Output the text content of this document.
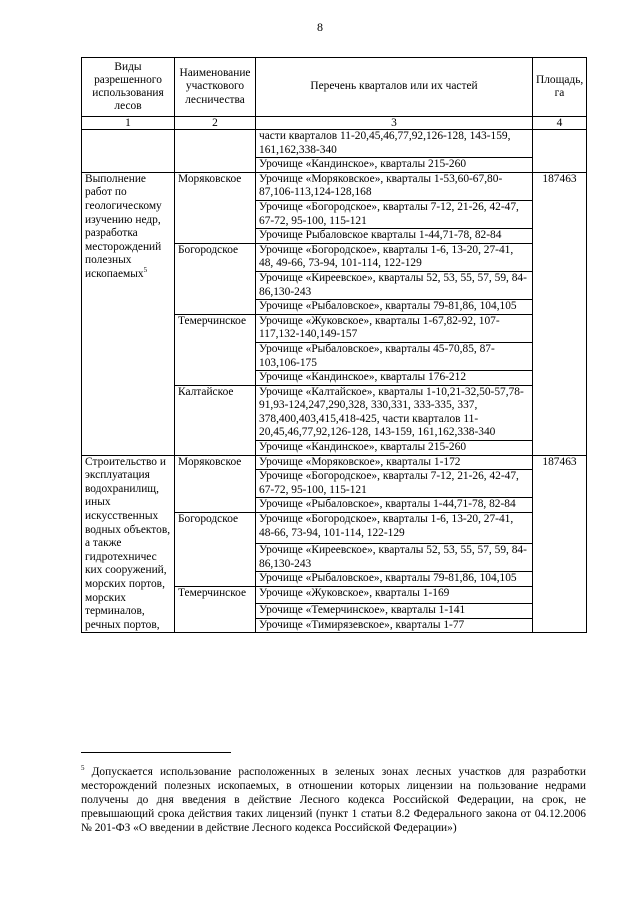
8
Виды разрешенного использования лесов	Наименование участкового лесничества	Перечень кварталов или их частей	Площадь, га
1	2	3	4
		части кварталов 11-20,45,46,77,92,126-128, 143-159, 161,162,338-340	
		Урочище «Кандинское», кварталы 215-260	
Выполнение работ по геологическому изучению недр, разработка месторождений полезных ископаемых$^5$	Моряковское	Урочище «Моряковское», кварталы 1-53,60-67,80-87,106-113,124-128,168	187463
		Урочище «Богородское», кварталы 7-12, 21-26, 42-47, 67-72, 95-100, 115-121	
		Урочище Рыбаловское кварталы 1-44,71-78, 82-84	
	Богородское	Урочище «Богородское», кварталы 1-6, 13-20, 27-41, 48, 49-66, 73-94, 101-114, 122-129	
		Урочище «Киреевское», кварталы 52, 53, 55, 57, 59, 84-86,130-243	
		Урочище «Рыбаловское», кварталы 79-81,86, 104,105	
	Темерчинское	Урочище «Жуковское», кварталы 1-67,82-92, 107-117,132-140,149-157	
		Урочище «Рыбаловское», кварталы 45-70,85, 87-103,106-175	
		Урочище «Кандинское», кварталы 176-212	
	Калтайское	Урочище «Калтайское», кварталы 1-10,21-32,50-57,78-91,93-124,247,290,328, 330,331, 333-335, 337, 378,400,403,415,418-425, части кварталов 11-20,45,46,77,92,126-128, 143-159, 161,162,338-340	
		Урочище «Кандинское», кварталы 215-260	
Строительство и эксплуатация водохранилищ, иных искусственных водных объектов, а также гидротехничес ких сооружений, морских портов, морских терминалов, речных портов,	Моряковское	Урочище «Моряковское», кварталы 1-172	187463
		Урочище «Богородское», кварталы 7-12, 21-26, 42-47, 67-72, 95-100, 115-121	
		Урочище «Рыбаловское», кварталы 1-44,71-78, 82-84	
	Богородское	Урочище «Богородское», кварталы 1-6, 13-20, 27-41, 48-66, 73-94, 101-114, 122-129	
		Урочище «Киреевское», кварталы 52, 53, 55, 57, 59, 84-86,130-243	
		Урочище «Рыбаловское», кварталы 79-81,86, 104,105	
	Темерчинское	Урочище «Жуковское», кварталы 1-169	
		Урочище «Темерчинское», кварталы 1-141	
		Урочище «Тимирязевское», кварталы 1-77	
$^5$ Допускается использование расположенных в зеленых зонах лесных участков для разработки месторождений полезных ископаемых, в отношении которых лицензии на пользование недрами получены до дня введения в действие Лесного кодекса Российской Федерации, на срок, не превышающий срока действия таких лицензий (пункт 1 статьи 8.2 Федерального закона от 04.12.2006 № 201-ФЗ «О введении в действие Лесного кодекса Российской Федерации»)
